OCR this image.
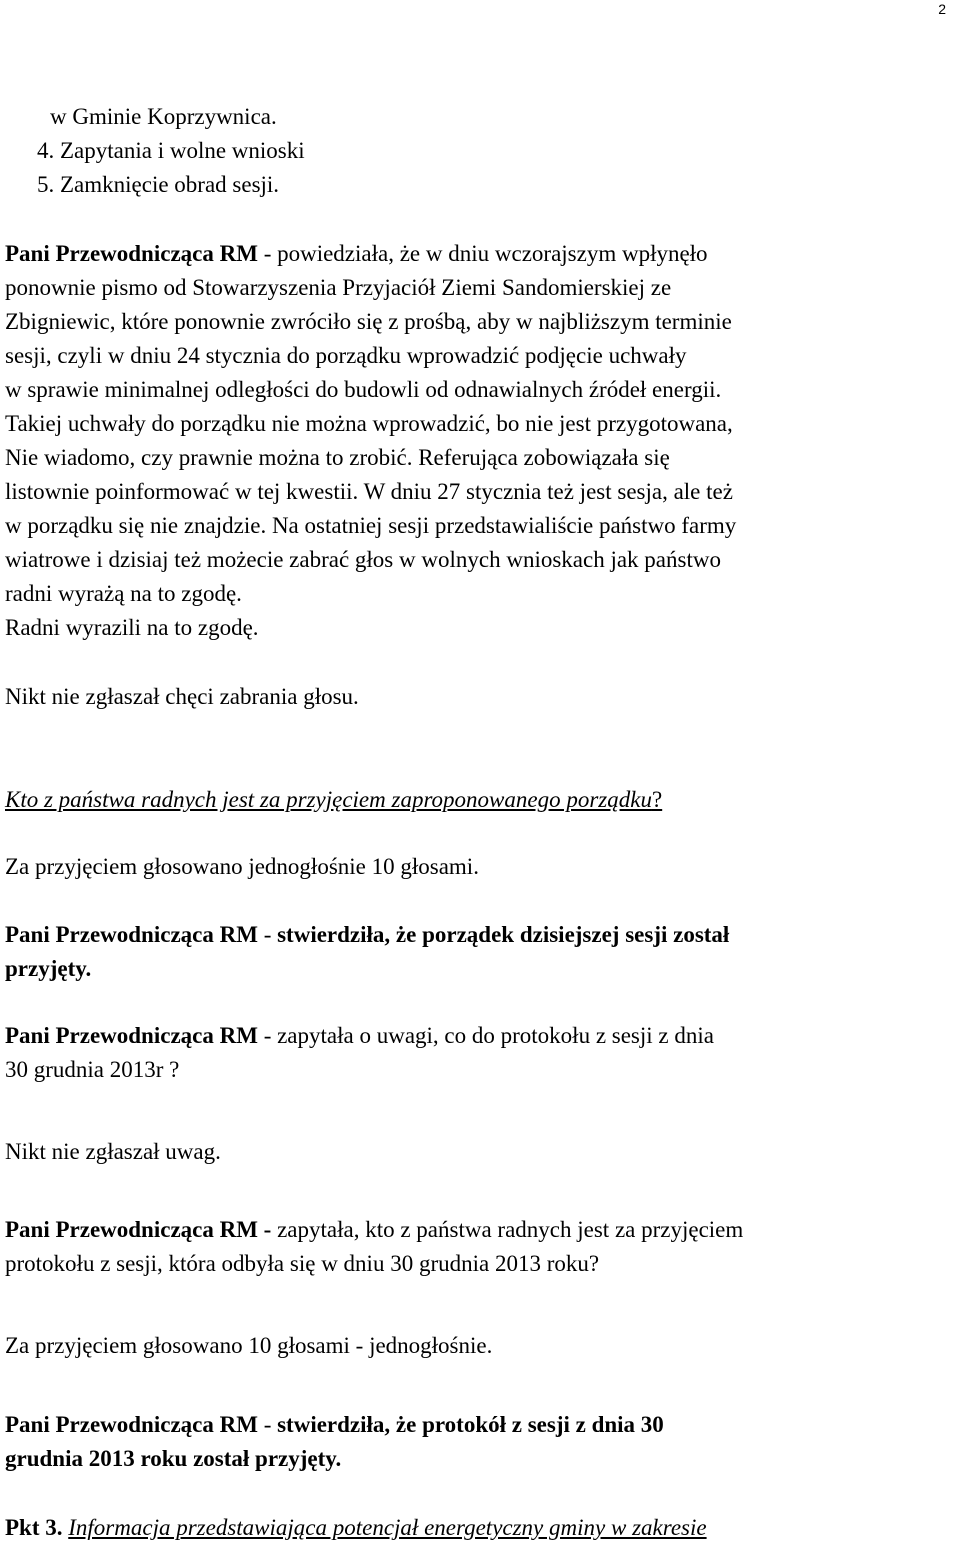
2
w Gminie Koprzywnica.
4. Zapytania i wolne wnioski
5. Zamknięcie obrad sesji.
Pani Przewodnicząca RM - powiedziała, że w dniu wczorajszym wpłynęło
ponownie pismo od Stowarzyszenia Przyjaciół Ziemi Sandomierskiej ze
Zbigniewic, które ponownie zwróciło się z prośbą, aby w najbliższym terminie
sesji, czyli w dniu 24 stycznia do porządku wprowadzić podjęcie uchwały
w sprawie minimalnej odległości do budowli od odnawialnych źródeł energii.
Takiej uchwały do porządku nie można wprowadzić, bo nie jest przygotowana,
Nie wiadomo, czy prawnie można to zrobić. Referująca zobowiązała się
listownie poinformować w tej kwestii. W dniu 27 stycznia też jest sesja, ale też
w porządku się nie znajdzie. Na ostatniej sesji przedstawialiście państwo farmy
wiatrowe i dzisiaj też możecie zabrać głos w wolnych wnioskach jak państwo
radni wyrażą na to zgodę.
Radni wyrazili na to zgodę.
Nikt nie zgłaszał chęci zabrania głosu.
Kto z państwa radnych jest za przyjęciem zaproponowanego porządku?
Za przyjęciem głosowano jednogłośnie 10 głosami.
Pani Przewodnicząca RM - stwierdziła, że porządek dzisiejszej sesji został
przyjęty.
Pani Przewodnicząca RM - zapytała o uwagi, co do protokołu z sesji z dnia
30 grudnia 2013r ?
Nikt nie zgłaszał uwag.
Pani Przewodnicząca RM - zapytała, kto z państwa radnych jest za przyjęciem
protokołu z sesji, która odbyła się w dniu 30 grudnia 2013 roku?
Za przyjęciem głosowano 10 głosami - jednogłośnie.
Pani Przewodnicząca RM - stwierdziła, że protokół z sesji z dnia 30
grudnia 2013 roku został przyjęty.
Pkt 3. Informacja przedstawiająca potencjał energetyczny gminy w zakresie
